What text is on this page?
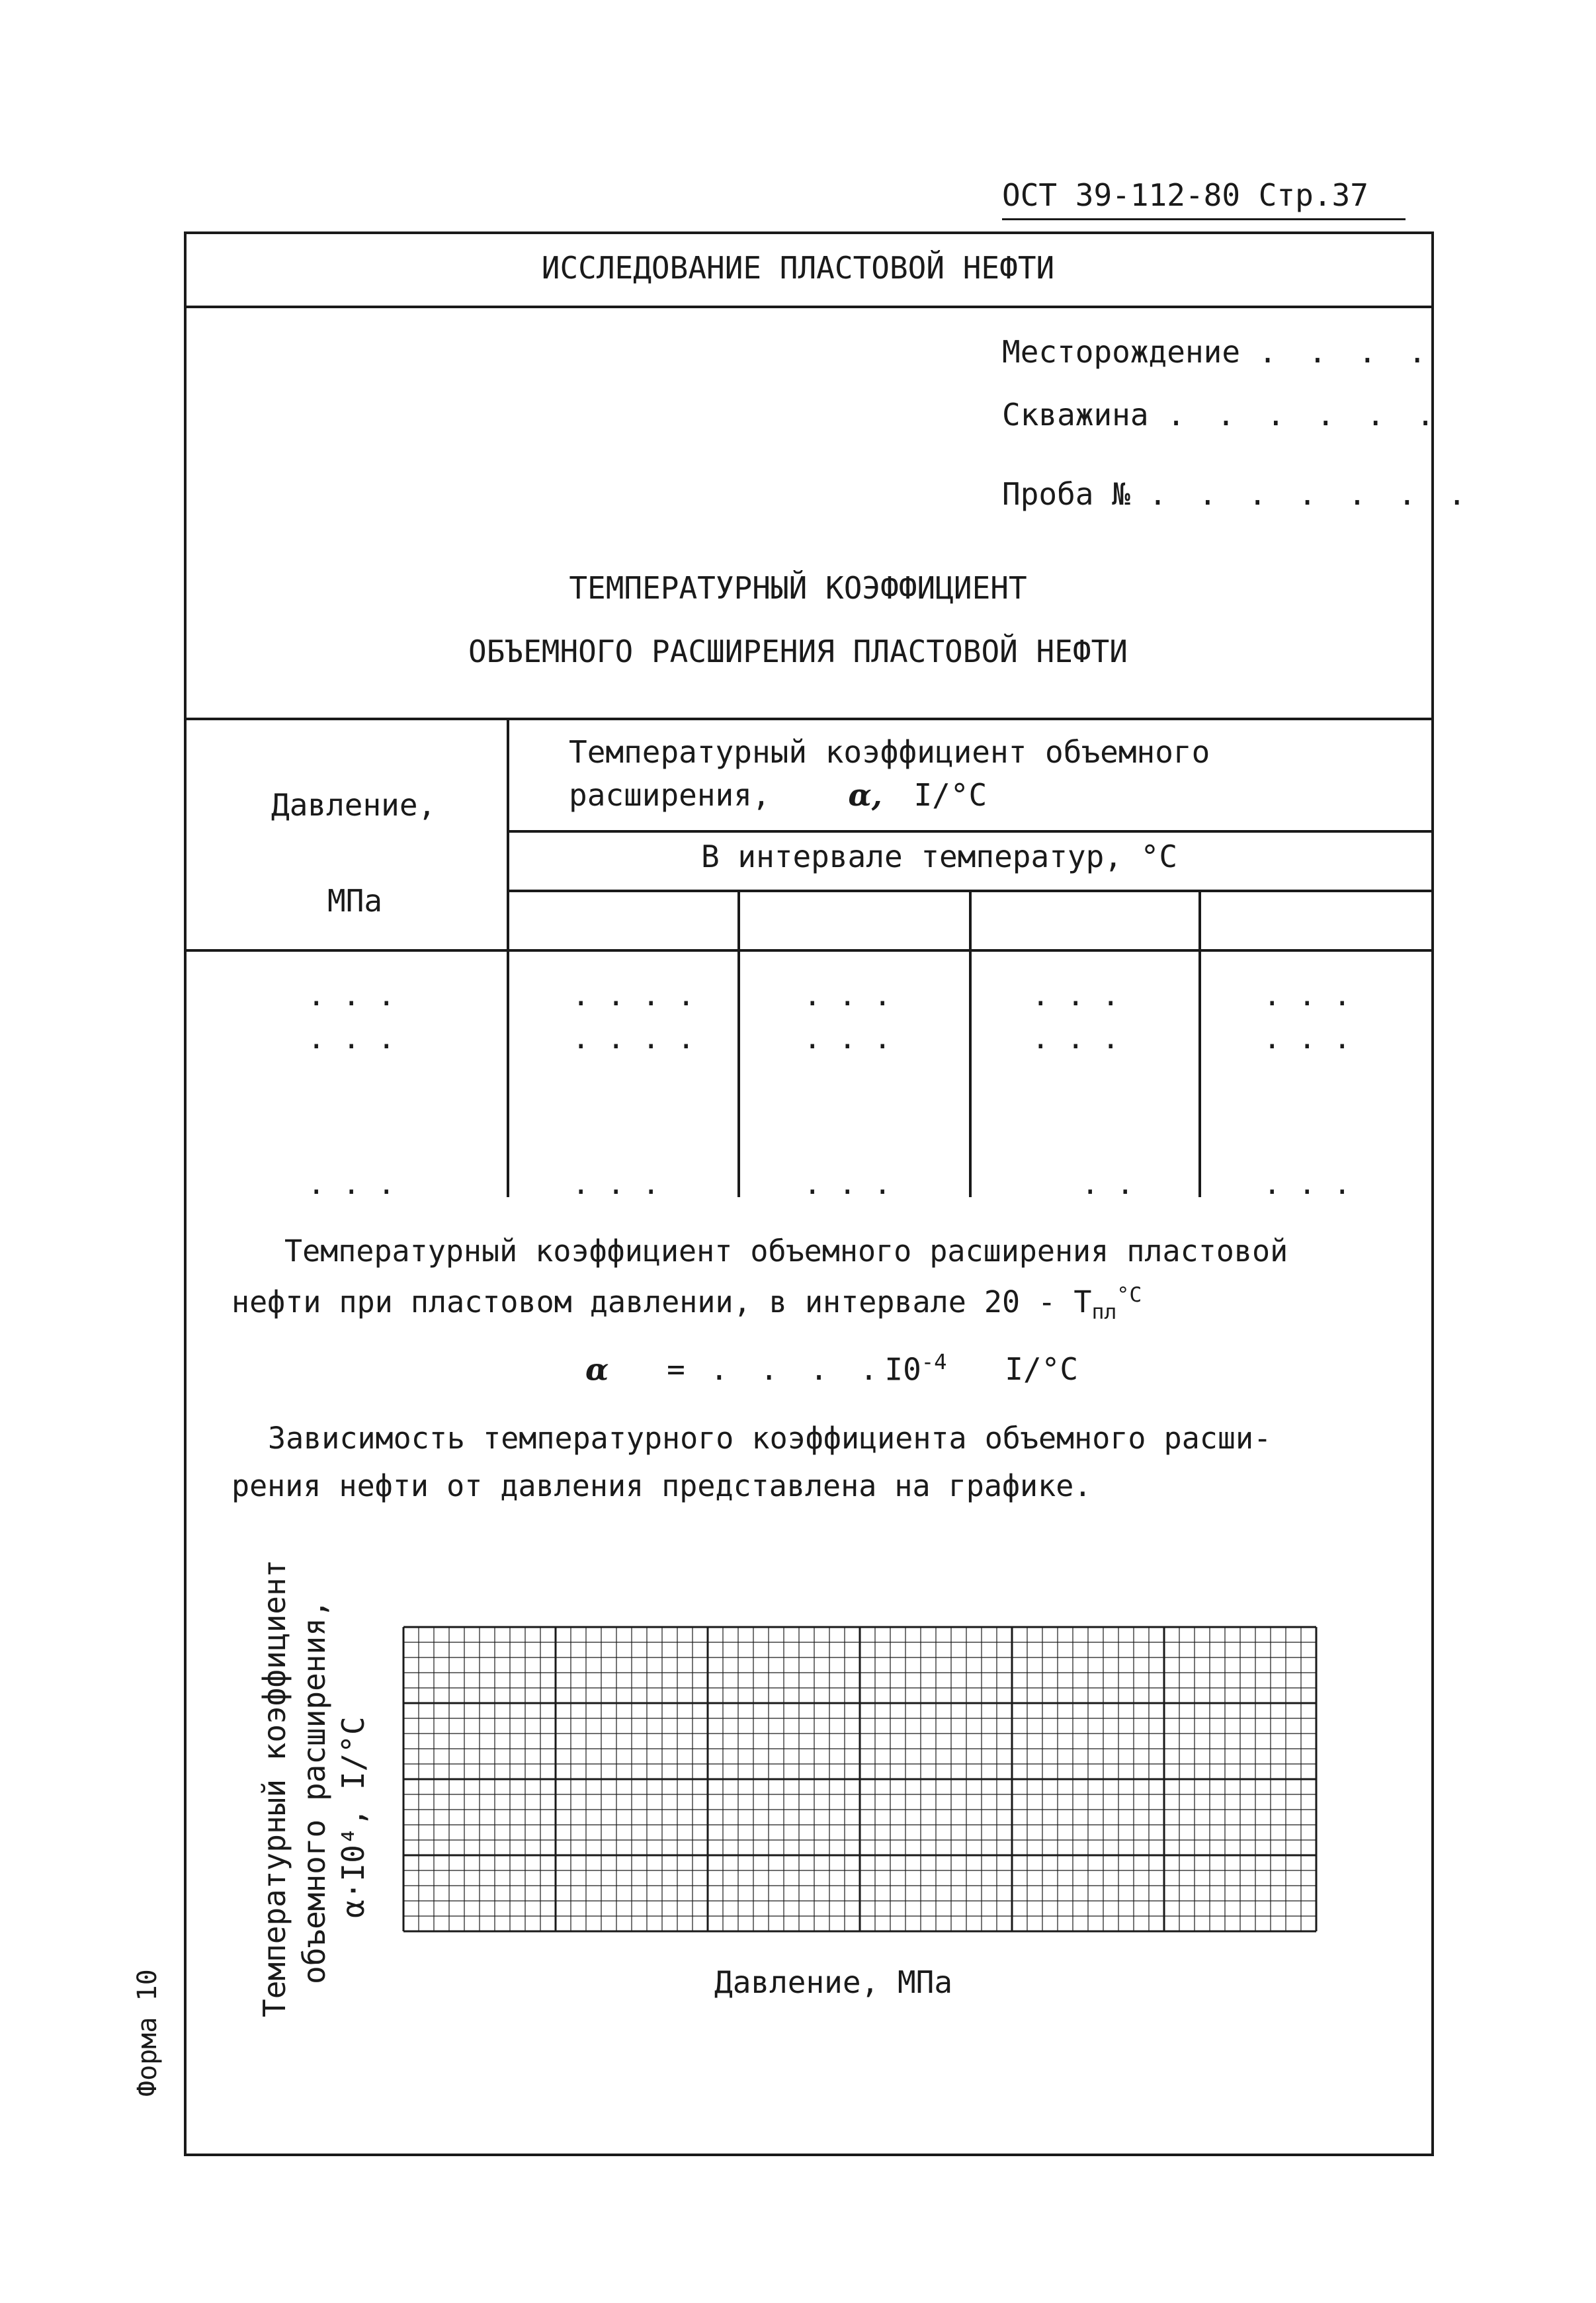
ОСТ 39-112-80 Стр.37
ИССЛЕДОВАНИЕ ПЛАСТОВОЙ НЕФТИ
Месторождение . . . .
Скважина . . . . . .
Проба № . . . . . . .
ТЕМПЕРАТУРНЫЙ КОЭФФИЦИЕНТ
ОБЪЕМНОГО РАСШИРЕНИЯ ПЛАСТОВОЙ НЕФТИ
Давление,
МПа
Температурный коэффициент объемного
расширения,	α, I/°C
В интервале температур, °C
. . .	. . . .	. . .	. . .	. . .
. . .	. . . .	. . .	. . .	. . .
. . .	. . .	. . .	. .	. . .
Температурный коэффициент объемного расширения пластовой
нефти при пластовом давлении, в интервале $20 - T_{пл}^{^\circ C}$
α = . . . $.I0^{-4}$ I/°C
Зависимость температурного коэффициента объемного расши-
рения нефти от давления представлена на графике.
α·I0⁴, I/°C
Температурный коэффициент объемного расширения,	Давление, МПа
Форма 10
